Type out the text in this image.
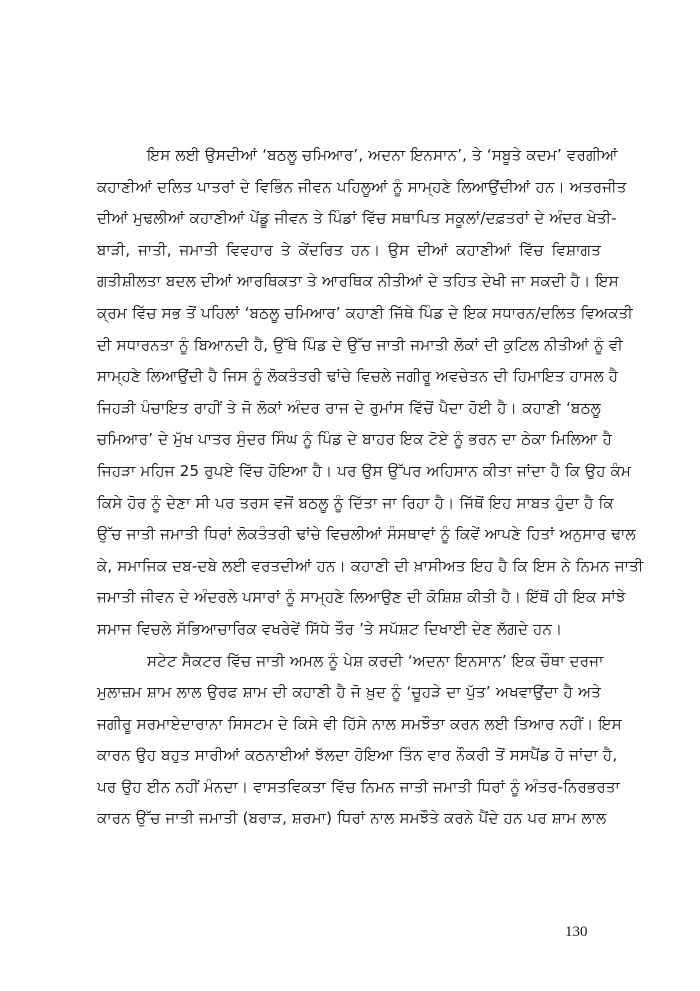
ਇਸ ਲਈ ਉਸਦੀਆਂ ‘ਬਠਲੂ ਚਮਿਆਰ’, ਅਦਨਾ ਇਨਸਾਨ’, ਤੇ ‘ਸਬੂਤੇ ਕਦਮ’ ਵਰਗੀਆਂ
ਕਹਾਣੀਆਂ ਦਲਿਤ ਪਾਤਰਾਂ ਦੇ ਵਿਭਿੰਨ ਜੀਵਨ ਪਹਿਲੂਆਂ ਨੂੰ ਸਾਮ੍ਹਣੇ ਲਿਆਉਂਦੀਆਂ ਹਨ। ਅਤਰਜੀਤ
ਦੀਆਂ ਮੁਢਲੀਆਂ ਕਹਾਣੀਆਂ ਪੇਂਡੂ ਜੀਵਨ ਤੇ ਪਿੰਡਾਂ ਵਿੱਚ ਸਥਾਪਿਤ ਸਕੂਲਾਂ/ਦਫ਼ਤਰਾਂ ਦੇ ਅੰਦਰ ਖੇਤੀ-
ਬਾੜੀ, ਜਾਤੀ, ਜਮਾਤੀ ਵਿਵਹਾਰ ਤੇ ਕੇਂਦਰਿਤ ਹਨ। ਉਸ ਦੀਆਂ ਕਹਾਣੀਆਂ ਵਿੱਚ ਵਿਸ਼ਾਗਤ
ਗਤੀਸ਼ੀਲਤਾ ਬਦਲ ਦੀਆਂ ਆਰਥਿਕਤਾ ਤੇ ਆਰਥਿਕ ਨੀਤੀਆਂ ਦੇ ਤਹਿਤ ਦੇਖੀ ਜਾ ਸਕਦੀ ਹੈ। ਇਸ
ਕ੍ਰਮ ਵਿੱਚ ਸਭ ਤੋਂ ਪਹਿਲਾਂ ‘ਬਠਲੂ ਚਮਿਆਰ’ ਕਹਾਣੀ ਜਿੱਥੇ ਪਿੰਡ ਦੇ ਇਕ ਸਧਾਰਨ/ਦਲਿਤ ਵਿਅਕਤੀ
ਦੀ ਸਧਾਰਨਤਾ ਨੂੰ ਬਿਆਨਦੀ ਹੈ, ਉੱਥੇ ਪਿੰਡ ਦੇ ਉੱਚ ਜਾਤੀ ਜਮਾਤੀ ਲੋਕਾਂ ਦੀ ਕੁਟਿਲ ਨੀਤੀਆਂ ਨੂੰ ਵੀ
ਸਾਮ੍ਹਣੇ ਲਿਆਉਂਦੀ ਹੈ ਜਿਸ ਨੂੰ ਲੋਕਤੰਤਰੀ ਢਾਂਚੇ ਵਿਚਲੇ ਜਗੀਰੂ ਅਵਚੇਤਨ ਦੀ ਹਿਮਾਇਤ ਹਾਸਲ ਹੈ
ਜਿਹੜੀ ਪੰਚਾਇਤ ਰਾਹੀਂ ਤੇ ਜੋ ਲੋਕਾਂ ਅੰਦਰ ਰਾਜ ਦੇ ਰੁਮਾਂਸ ਵਿੱਚੋਂ ਪੈਦਾ ਹੋਈ ਹੈ। ਕਹਾਣੀ ‘ਬਠਲੂ
ਚਮਿਆਰ’ ਦੇ ਮੁੱਖ ਪਾਤਰ ਸੁੰਦਰ ਸਿੰਘ ਨੂੰ ਪਿੰਡ ਦੇ ਬਾਹਰ ਇਕ ਟੋਏ ਨੂੰ ਭਰਨ ਦਾ ਠੇਕਾ ਮਿਲਿਆ ਹੈ
ਜਿਹੜਾ ਮਹਿਜ 25 ਰੁਪਏ ਵਿੱਚ ਹੋਇਆ ਹੈ। ਪਰ ਉਸ ਉੱਪਰ ਅਹਿਸਾਨ ਕੀਤਾ ਜਾਂਦਾ ਹੈ ਕਿ ਉਹ ਕੰਮ
ਕਿਸੇ ਹੋਰ ਨੂੰ ਦੇਣਾ ਸੀ ਪਰ ਤਰਸ ਵਜੋਂ ਬਠਲੂ ਨੂੰ ਦਿੱਤਾ ਜਾ ਰਿਹਾ ਹੈ। ਜਿੱਥੋਂ ਇਹ ਸਾਬਤ ਹੁੰਦਾ ਹੈ ਕਿ
ਉੱਚ ਜਾਤੀ ਜਮਾਤੀ ਧਿਰਾਂ ਲੋਕਤੰਤਰੀ ਢਾਂਚੇ ਵਿਚਲੀਆਂ ਸੰਸਥਾਵਾਂ ਨੂੰ ਕਿਵੇਂ ਆਪਣੇ ਹਿਤਾਂ ਅਨੁਸਾਰ ਢਾਲ
ਕੇ, ਸਮਾਜਿਕ ਦਬ-ਦਬੇ ਲਈ ਵਰਤਦੀਆਂ ਹਨ। ਕਹਾਣੀ ਦੀ ਖ਼ਾਸੀਅਤ ਇਹ ਹੈ ਕਿ ਇਸ ਨੇ ਨਿਮਨ ਜਾਤੀ
ਜਮਾਤੀ ਜੀਵਨ ਦੇ ਅੰਦਰਲੇ ਪਸਾਰਾਂ ਨੂੰ ਸਾਮ੍ਹਣੇ ਲਿਆਉਣ ਦੀ ਕੋਸ਼ਿਸ਼ ਕੀਤੀ ਹੈ। ਇੱਥੋਂ ਹੀ ਇਕ ਸਾਂਝੇ
ਸਮਾਜ ਵਿਚਲੇ ਸੱਭਿਆਚਾਰਿਕ ਵਖਰੇਵੇਂ ਸਿੱਧੇ ਤੌਰ ’ਤੇ ਸਪੱਸ਼ਟ ਦਿਖਾਈ ਦੇਣ ਲੱਗਦੇ ਹਨ।
ਸਟੇਟ ਸੈਕਟਰ ਵਿੱਚ ਜਾਤੀ ਅਮਲ ਨੂੰ ਪੇਸ਼ ਕਰਦੀ ‘ਅਦਨਾ ਇਨਸਾਨ’ ਇਕ ਚੌਥਾ ਦਰਜਾ
ਮੁਲਾਜ਼ਮ ਸ਼ਾਮ ਲਾਲ ਉਰਫ ਸ਼ਾਮ ਦੀ ਕਹਾਣੀ ਹੈ ਜੋ ਖ਼ੁਦ ਨੂੰ ‘ਚੂਹੜੇ ਦਾ ਪੁੱਤ’ ਅਖਵਾਉਂਦਾ ਹੈ ਅਤੇ
ਜਗੀਰੂ ਸਰਮਾਏਦਾਰਾਨਾ ਸਿਸਟਮ ਦੇ ਕਿਸੇ ਵੀ ਹਿੱਸੇ ਨਾਲ ਸਮਝੌਤਾ ਕਰਨ ਲਈ ਤਿਆਰ ਨਹੀਂ। ਇਸ
ਕਾਰਨ ਉਹ ਬਹੁਤ ਸਾਰੀਆਂ ਕਠਨਾਈਆਂ ਝੱਲਦਾ ਹੋਇਆ ਤਿੰਨ ਵਾਰ ਨੌਕਰੀ ਤੋਂ ਸਸਪੈਂਡ ਹੋ ਜਾਂਦਾ ਹੈ,
ਪਰ ਉਹ ਈਨ ਨਹੀਂ ਮੰਨਦਾ। ਵਾਸਤਵਿਕਤਾ ਵਿੱਚ ਨਿਮਨ ਜਾਤੀ ਜਮਾਤੀ ਧਿਰਾਂ ਨੂੰ ਅੰਤਰ-ਨਿਰਭਰਤਾ
ਕਾਰਨ ਉੱਚ ਜਾਤੀ ਜਮਾਤੀ (ਬਰਾੜ, ਸ਼ਰਮਾ) ਧਿਰਾਂ ਨਾਲ ਸਮਝੌਤੇ ਕਰਨੇ ਪੈਂਦੇ ਹਨ ਪਰ ਸ਼ਾਮ ਲਾਲ
130
